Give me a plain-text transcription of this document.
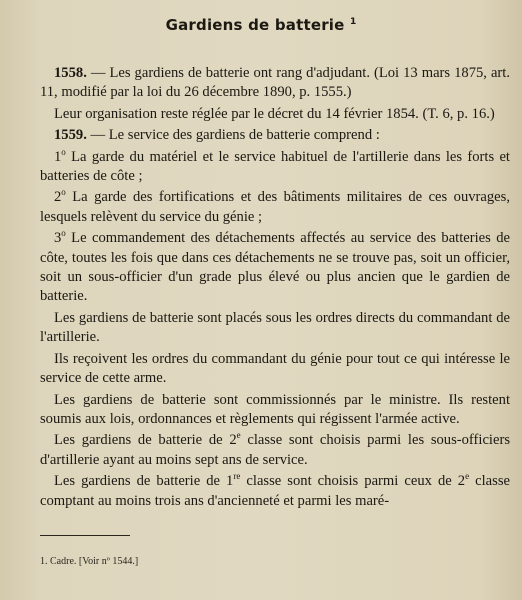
Gardiens de batterie $^1$

1558. — Les gardiens de batterie ont rang d'adjudant. (Loi 13 mars 1875, art. 11, modifié par la loi du 26 décembre 1890, p. 1555.)

Leur organisation reste réglée par le décret du 14 février 1854. (T. 6, p. 16.)

1559. — Le service des gardiens de batterie comprend :

1$^o$ La garde du matériel et le service habituel de l'artillerie dans les forts et batteries de côte ;

2$^o$ La garde des fortifications et des bâtiments militaires de ces ouvrages, lesquels relèvent du service du génie ;

3$^o$ Le commandement des détachements affectés au service des batteries de côte, toutes les fois que dans ces détachements ne se trouve pas, soit un officier, soit un sous-officier d'un grade plus élevé ou plus ancien que le gardien de batterie.

Les gardiens de batterie sont placés sous les ordres directs du commandant de l'artillerie.

Ils reçoivent les ordres du commandant du génie pour tout ce qui intéresse le service de cette arme.

Les gardiens de batterie sont commissionnés par le ministre. Ils restent soumis aux lois, ordonnances et règlements qui régissent l'armée active.

Les gardiens de batterie de 2e classe sont choisis parmi les sous-officiers d'artillerie ayant au moins sept ans de service.

Les gardiens de batterie de 1re classe sont choisis parmi ceux de 2e classe comptant au moins trois ans d'ancienneté et parmi les maré-

1. Cadre. [Voir nº 1544.]
